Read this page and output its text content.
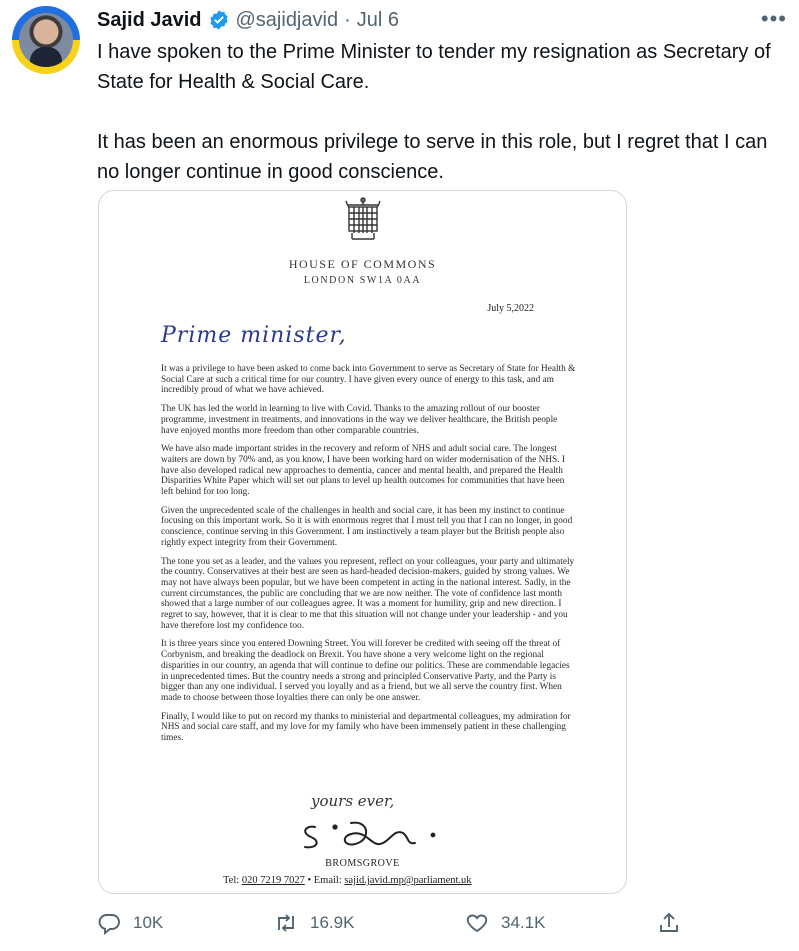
Sajid Javid @sajidjavid · Jul 6	•••

I have spoken to the Prime Minister to tender my resignation as Secretary of
State for Health & Social Care.

It has been an enormous privilege to serve in this role, but I regret that I can
no longer continue in good conscience.

HOUSE OF COMMONS
LONDON SW1A 0AA
July 5,2022
Prime minister,

It was a privilege to have been asked to come back into Government to serve as Secretary of State for Health & Social Care at such a critical time for our country. I have given every ounce of energy to this task, and am incredibly proud of what we have achieved.

The UK has led the world in learning to live with Covid. Thanks to the amazing rollout of our booster programme, investment in treatments, and innovations in the way we deliver healthcare, the British people have enjoyed months more freedom than other comparable countries.

We have also made important strides in the recovery and reform of NHS and adult social care. The longest waiters are down by 70% and, as you know, I have been working hard on wider modernisation of the NHS. I have also developed radical new approaches to dementia, cancer and mental health, and prepared the Health Disparities White Paper which will set out plans to level up health outcomes for communities that have been left behind for too long.

Given the unprecedented scale of the challenges in health and social care, it has been my instinct to continue focusing on this important work. So it is with enormous regret that I must tell you that I can no longer, in good conscience, continue serving in this Government. I am instinctively a team player but the British people also rightly expect integrity from their Government.

The tone you set as a leader, and the values you represent, reflect on your colleagues, your party and ultimately the country. Conservatives at their best are seen as hard-headed decision-makers, guided by strong values. We may not have always been popular, but we have been competent in acting in the national interest. Sadly, in the current circumstances, the public are concluding that we are now neither. The vote of confidence last month showed that a large number of our colleagues agree. It was a moment for humility, grip and new direction. I regret to say, however, that it is clear to me that this situation will not change under your leadership - and you have therefore lost my confidence too.

It is three years since you entered Downing Street. You will forever be credited with seeing off the threat of Corbynism, and breaking the deadlock on Brexit. You have shone a very welcome light on the regional disparities in our country, an agenda that will continue to define our politics. These are commendable legacies in unprecedented times. But the country needs a strong and principled Conservative Party, and the Party is bigger than any one individual. I served you loyally and as a friend, but we all serve the country first. When made to choose between those loyalties there can only be one answer.

Finally, I would like to put on record my thanks to ministerial and departmental colleagues, my admiration for NHS and social care staff, and my love for my family who have been immensely patient in these challenging times.

yours ever,
BROMSGROVE
Tel: 020 7219 7027 • Email: sajid.javid.mp@parliament.uk
10K	16.9K	34.1K
